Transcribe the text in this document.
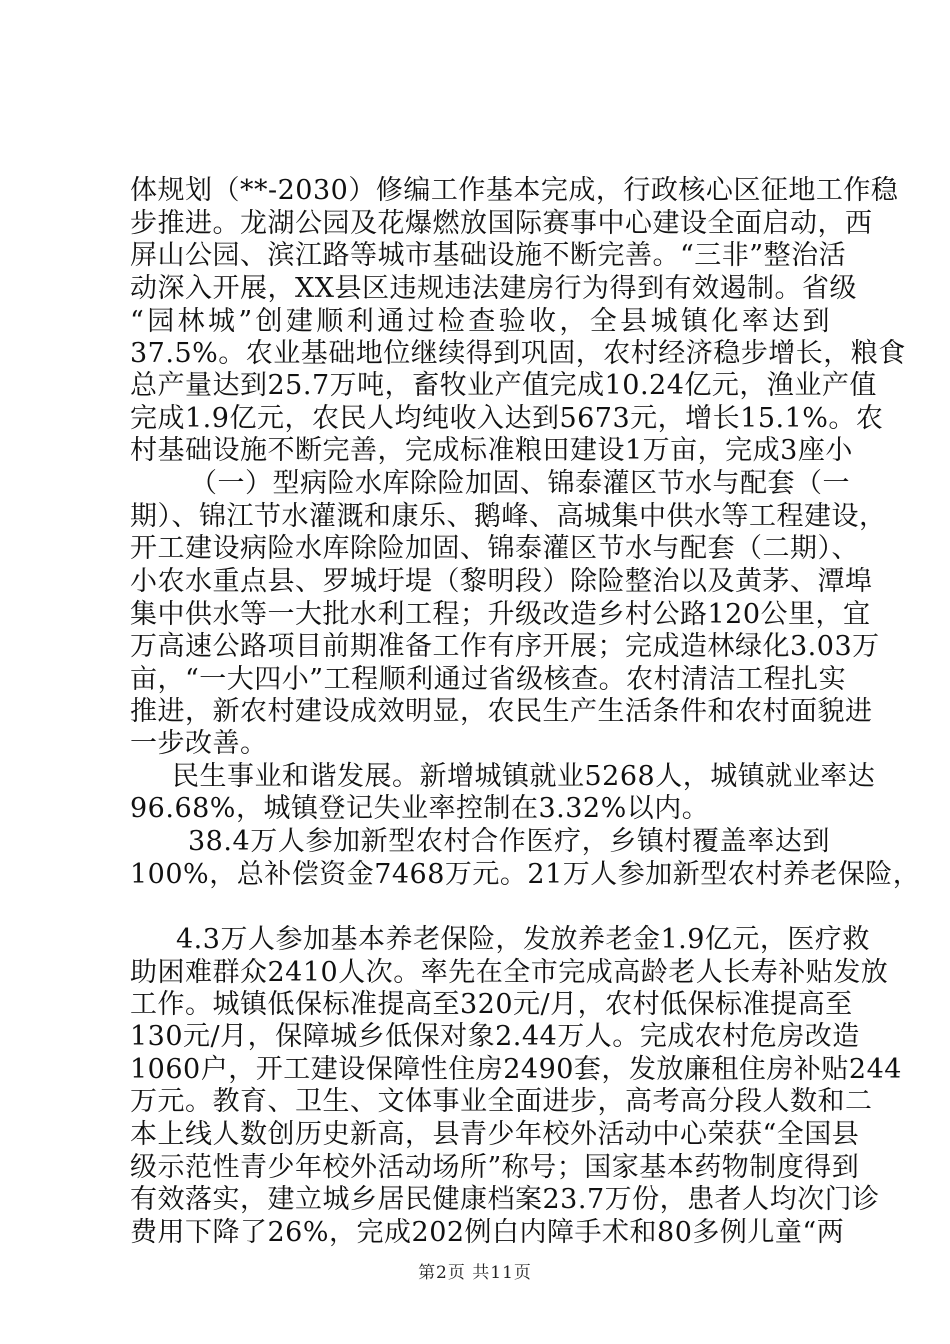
体规划（**-2030）修编工作基本完成，行政核心区征地工作稳
步推进。龙湖公园及花爆燃放国际赛事中心建设全面启动，西
屏山公园、滨江路等城市基础设施不断完善。“三非”整治活
动深入开展，XX县区违规违法建房行为得到有效遏制。省级
“园林城”创建顺利通过检查验收，全县城镇化率达到
37.5%。农业基础地位继续得到巩固，农村经济稳步增长，粮食
总产量达到25.7万吨，畜牧业产值完成10.24亿元，渔业产值
完成1.9亿元，农民人均纯收入达到5673元，增长15.1%。农
村基础设施不断完善，完成标准粮田建设1万亩，完成3座小
（一）型病险水库除险加固、锦泰灌区节水与配套（一
期）、锦江节水灌溉和康乐、鹅峰、高城集中供水等工程建设，
开工建设病险水库除险加固、锦泰灌区节水与配套（二期）、
小农水重点县、罗城圩堤（黎明段）除险整治以及黄茅、潭埠
集中供水等一大批水利工程；升级改造乡村公路120公里，宜
万高速公路项目前期准备工作有序开展；完成造林绿化3.03万
亩，“一大四小”工程顺利通过省级核查。农村清洁工程扎实
推进，新农村建设成效明显，农民生产生活条件和农村面貌进
一步改善。
民生事业和谐发展。新增城镇就业5268人，城镇就业率达
96.68%，城镇登记失业率控制在3.32%以内。
38.4万人参加新型农村合作医疗，乡镇村覆盖率达到
100%，总补偿资金7468万元。21万人参加新型农村养老保险，
4.3万人参加基本养老保险，发放养老金1.9亿元，医疗救
助困难群众2410人次。率先在全市完成高龄老人长寿补贴发放
工作。城镇低保标准提高至320元/月，农村低保标准提高至
130元/月，保障城乡低保对象2.44万人。完成农村危房改造
1060户，开工建设保障性住房2490套，发放廉租住房补贴244
万元。教育、卫生、文体事业全面进步，高考高分段人数和二
本上线人数创历史新高，县青少年校外活动中心荣获“全国县
级示范性青少年校外活动场所”称号；国家基本药物制度得到
有效落实，建立城乡居民健康档案23.7万份，患者人均次门诊
费用下降了26%，完成202例白内障手术和80多例儿童“两
第2页 共11页
